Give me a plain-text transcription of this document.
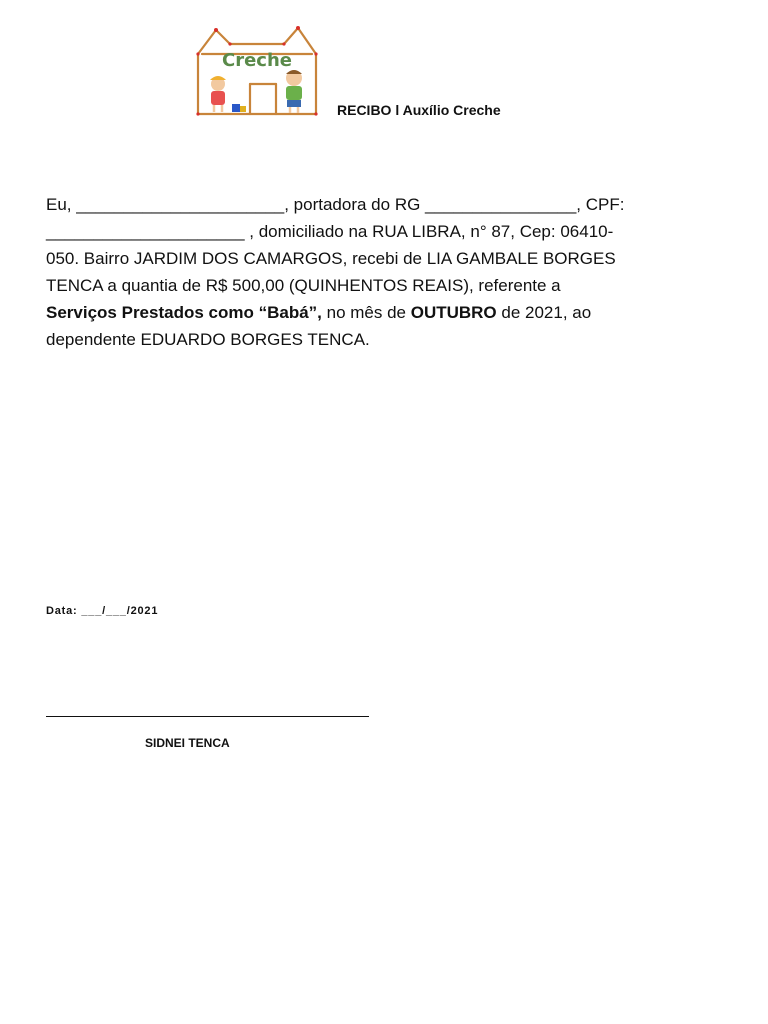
Creche
RECIBO l Auxílio Creche
Eu, ______________________, portadora do RG ________________, CPF:
_____________________ , domiciliado na RUA LIBRA, n° 87, Cep: 06410-
050. Bairro JARDIM DOS CAMARGOS, recebi de LIA GAMBALE BORGES
TENCA a quantia de R$ 500,00 (QUINHENTOS REAIS), referente a
Serviços Prestados como “Babá”, no mês de OUTUBRO de 2021, ao
dependente EDUARDO BORGES TENCA.
Data: ___/___/2021
SIDNEI TENCA
